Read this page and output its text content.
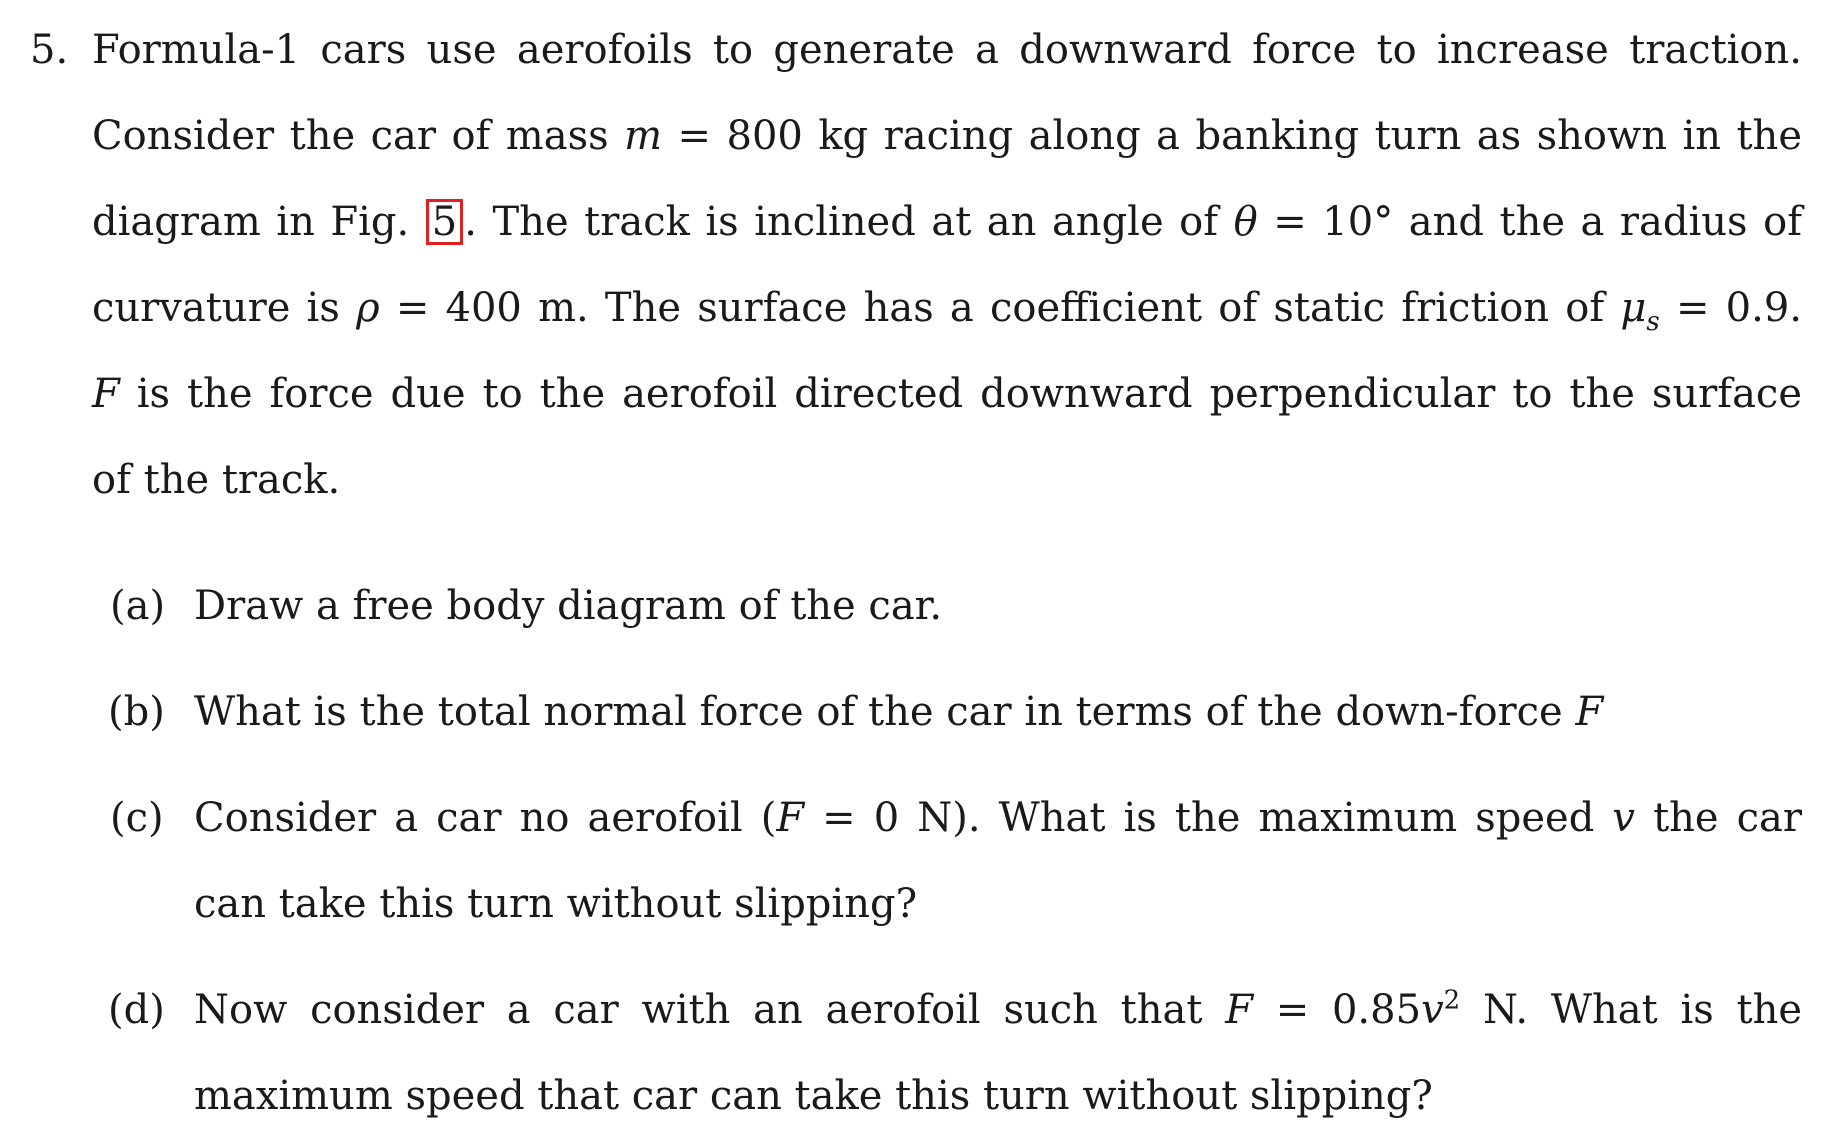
5. Formula-1 cars use aerofoils to generate a downward force to increase traction.
Consider the car of mass m = 800 kg racing along a banking turn as shown in the
diagram in Fig. 5 . The track is inclined at an angle of θ = 10° and the a radius of
curvature is ρ = 400 m. The surface has a coefficient of static friction of $\mu_s = 0.9$.
F is the force due to the aerofoil directed downward perpendicular to the surface
of the track.
(a) Draw a free body diagram of the car.
(b) What is the total normal force of the car in terms of the down-force F
(c) Consider a car no aerofoil (F = 0 N). What is the maximum speed v the car
can take this turn without slipping?
(d) Now consider a car with an aerofoil such that $F = 0.85v^2$ N. What is the
maximum speed that car can take this turn without slipping?
